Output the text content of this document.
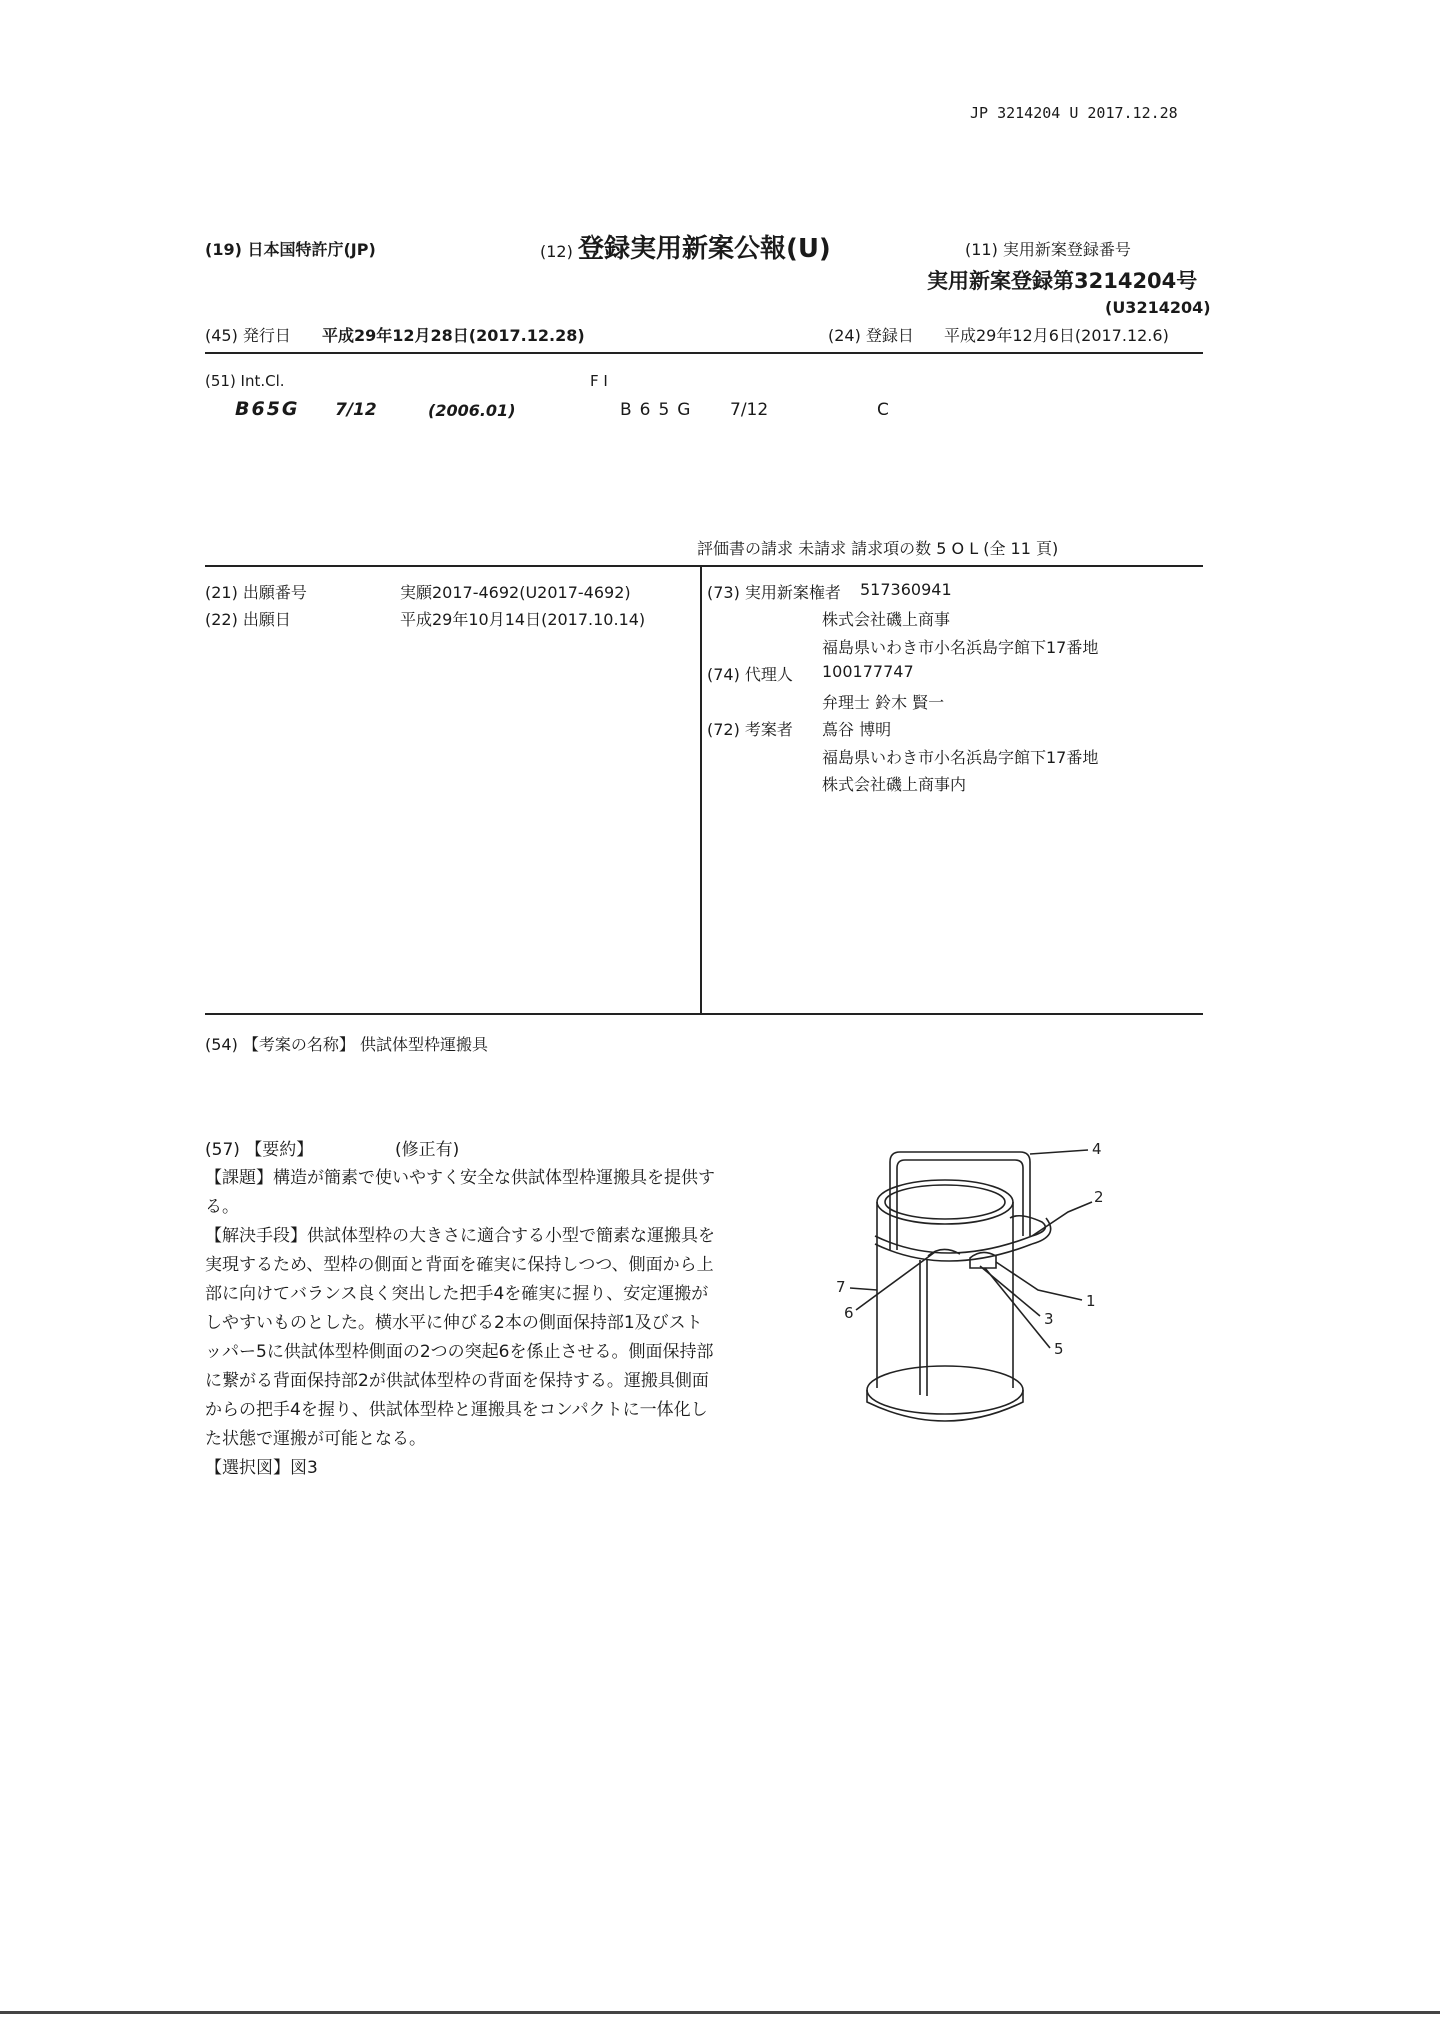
JP 3214204 U 2017.12.28
(19) 日本国特許庁(JP)	(12) 登録実用新案公報(U)	(11) 実用新案登録番号
実用新案登録第3214204号
(U3214204)
(45) 発行日 平成29年12月28日(2017.12.28)	(24) 登録日 平成29年12月6日(2017.12.6)
(51) Int.Cl.	F I
B65G 7/12	(2006.01)	B65G 7/12	C
評価書の請求 未請求 請求項の数 5 O L (全 11 頁)
(21) 出願番号	実願2017-4692(U2017-4692)
(22) 出願日	平成29年10月14日(2017.10.14)
(73) 実用新案権者 517360941
株式会社磯上商事
福島県いわき市小名浜島字館下17番地
(74) 代理人 100177747
弁理士 鈴木 賢一
(72) 考案者 蔦谷 博明
福島県いわき市小名浜島字館下17番地
株式会社磯上商事内
(54) 【考案の名称】 供試体型枠運搬具
(57) 【要約】	(修正有)

【課題】構造が簡素で使いやすく安全な供試体型枠運搬具を提供する。

【解決手段】供試体型枠の大きさに適合する小型で簡素な運搬具を実現するため、型枠の側面と背面を確実に保持しつつ、側面から上部に向けてバランス良く突出した把手4を確実に握り、安定運搬がしやすいものとした。横水平に伸びる2本の側面保持部1及びストッパー5に供試体型枠側面の2つの突起6を係止させる。側面保持部に繋がる背面保持部2が供試体型枠の背面を保持する。運搬具側面からの把手4を握り、供試体型枠と運搬具をコンパクトに一体化した状態で運搬が可能となる。

【選択図】図3

4
2
1
3
5
6
7
